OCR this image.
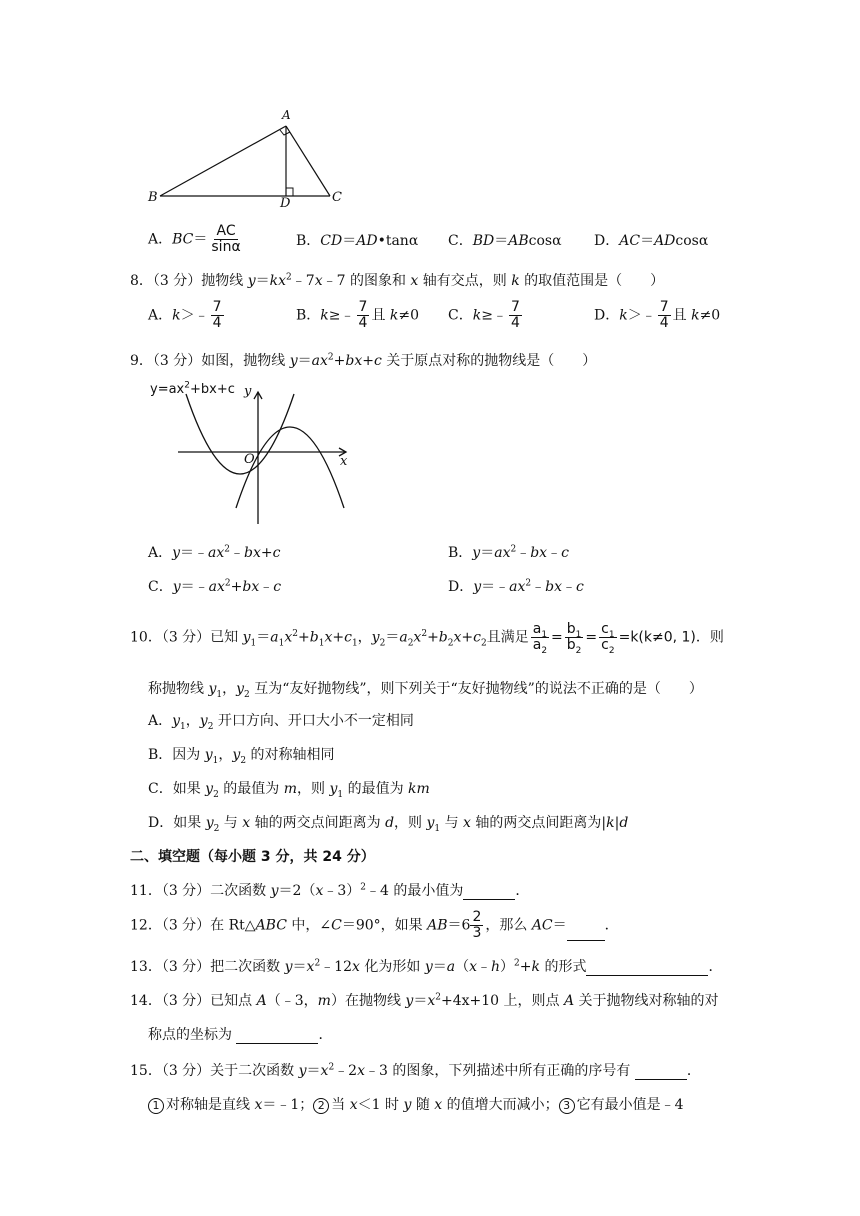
A
B	D	C
A．$BC= \frac{AC}{\sin\alpha}$	B．CD＝AD•tanα C．BD＝ABcosα D．AC＝ADcosα
8．（3 分）抛物线 $y=kx^2﹣7x﹣7$ 的图象和 x 轴有交点，则 k 的取值范围是（　　）
A．k＞﹣ $\frac{7}{4}$	B．k≥﹣ $\frac{7}{4}$ 且 k≠0 C．k≥﹣ $\frac{7}{4}$	D．k＞﹣ $\frac{7}{4}$ 且 k≠0
9．（3 分）如图，抛物线 $y=ax^2+bx+c$ 关于原点对称的抛物线是（　　）
$y=ax^2+bx+c$ y
x
O
A．$y=﹣ax^2﹣bx+c$	B．$y=ax^2﹣bx﹣c$
C．$y=﹣ax^2+bx﹣c$	D．$y=﹣ax^2﹣bx﹣c$
10．（3 分）已知 $y_1=a_1x^2+b_1x+c_1$，$y_2=a_2x^2+b_2x+c_2$且满足 $\frac{a_1}{a_2} = \frac{b_1}{b_2} = \frac{c_1}{c_2} =k(k\ne 0$, 1)．则
称抛物线 $y_1$，$y_2$ 互为“友好抛物线”，则下列关于“友好抛物线”的说法不正确的是（　　）
A．$y_1$，$y_2$ 开口方向、开口大小不一定相同
B．因为 $y_1$，$y_2$ 的对称轴相同
C．如果 $y_2$ 的最值为 m，则 $y_1$ 的最值为 km
D．如果 $y_2$ 与 x 轴的两交点间距离为 d，则 $y_1$ 与 x 轴的两交点间距离为|k|d
二、填空题（每小题 3 分，共 24 分）
11．（3 分）二次函数 y＝2（x﹣3）$^2$﹣4 的最小值为	．
12．（3 分）在 Rt△ABC 中，∠C＝90°，如果 $AB=6 \frac{2}{3}$ ，那么 AC＝	．
13．（3 分）把二次函数 $y=x^2﹣12x$ 化为形如 y＝a（x﹣h）$^2$+k 的形式	．
14．（3 分）已知点 A（﹣3，m）在抛物线 $y=x^2+4x+10$ 上，则点 A 关于抛物线对称轴的对
称点的坐标为	．
15．（3 分）关于二次函数 $y=x^2﹣2x﹣3$ 的图象，下列描述中所有正确的序号有	．
1 对称轴是直线 x＝﹣1； 2 当 x＜1 时 y 随 x 的值增大而减小； 3 它有最小值是﹣4
